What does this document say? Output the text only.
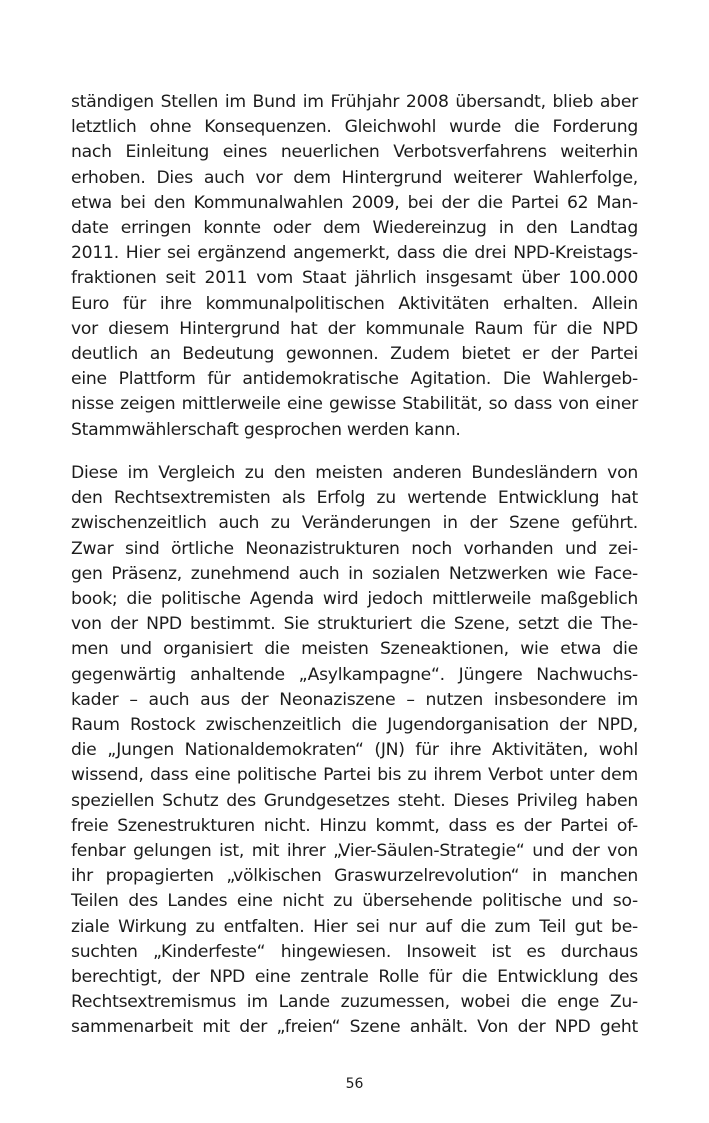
ständigen Stellen im Bund im Frühjahr 2008 übersandt, blieb aber
letztlich ohne Konsequenzen. Gleichwohl wurde die Forderung
nach Einleitung eines neuerlichen Verbotsverfahrens weiterhin
erhoben. Dies auch vor dem Hintergrund weiterer Wahlerfolge,
etwa bei den Kommunalwahlen 2009, bei der die Partei 62 Man-
date erringen konnte oder dem Wiedereinzug in den Landtag
2011. Hier sei ergänzend angemerkt, dass die drei NPD-Kreistags-
fraktionen seit 2011 vom Staat jährlich insgesamt über 100.000
Euro für ihre kommunalpolitischen Aktivitäten erhalten. Allein
vor diesem Hintergrund hat der kommunale Raum für die NPD
deutlich an Bedeutung gewonnen. Zudem bietet er der Partei
eine Plattform für antidemokratische Agitation. Die Wahlergeb-
nisse zeigen mittlerweile eine gewisse Stabilität, so dass von einer
Stammwählerschaft gesprochen werden kann.
Diese im Vergleich zu den meisten anderen Bundesländern von
den Rechtsextremisten als Erfolg zu wertende Entwicklung hat
zwischenzeitlich auch zu Veränderungen in der Szene geführt.
Zwar sind örtliche Neonazistrukturen noch vorhanden und zei-
gen Präsenz, zunehmend auch in sozialen Netzwerken wie Face-
book; die politische Agenda wird jedoch mittlerweile maßgeblich
von der NPD bestimmt. Sie strukturiert die Szene, setzt die The-
men und organisiert die meisten Szeneaktionen, wie etwa die
gegenwärtig anhaltende „Asylkampagne“. Jüngere Nachwuchs-
kader – auch aus der Neonaziszene – nutzen insbesondere im
Raum Rostock zwischenzeitlich die Jugendorganisation der NPD,
die „Jungen Nationaldemokraten“ (JN) für ihre Aktivitäten, wohl
wissend, dass eine politische Partei bis zu ihrem Verbot unter dem
speziellen Schutz des Grundgesetzes steht. Dieses Privileg haben
freie Szenestrukturen nicht. Hinzu kommt, dass es der Partei of-
fenbar gelungen ist, mit ihrer „Vier-Säulen-Strategie“ und der von
ihr propagierten „völkischen Graswurzelrevolution“ in manchen
Teilen des Landes eine nicht zu übersehende politische und so-
ziale Wirkung zu entfalten. Hier sei nur auf die zum Teil gut be-
suchten „Kinderfeste“ hingewiesen. Insoweit ist es durchaus
berechtigt, der NPD eine zentrale Rolle für die Entwicklung des
Rechtsextremismus im Lande zuzumessen, wobei die enge Zu-
sammenarbeit mit der „freien“ Szene anhält. Von der NPD geht
56
